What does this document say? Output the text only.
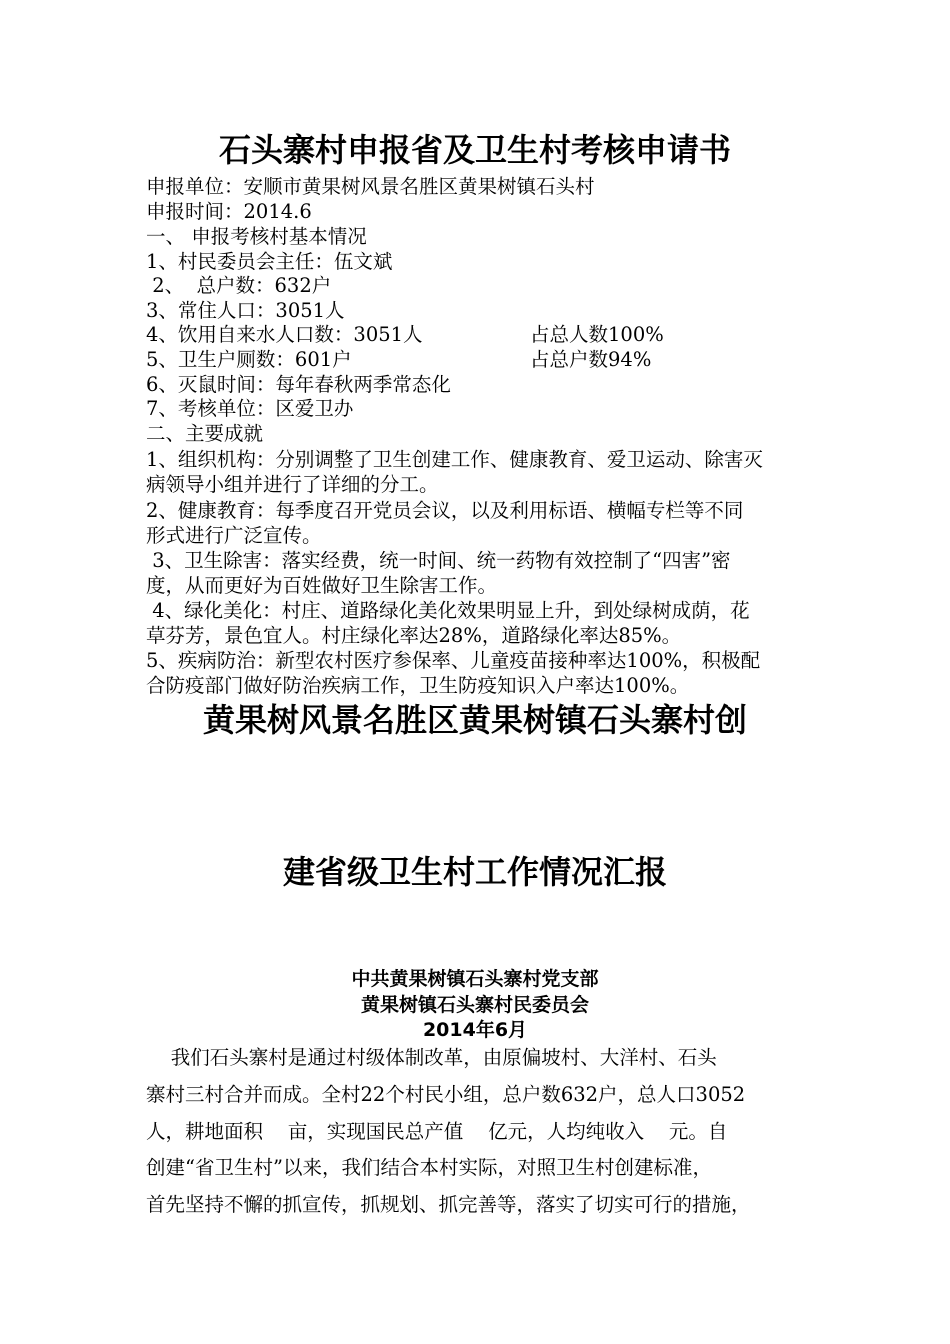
石头寨村申报省及卫生村考核申请书
申报单位：安顺市黄果树风景名胜区黄果树镇石头村
申报时间：2014.6
一、 申报考核村基本情况
1、村民委员会主任：伍文斌
2、  总户数：632户
3、常住人口：3051人
4、饮用自来水人口数：3051人	占总人数100%
5、卫生户厕数：601户	占总户数94%
6、灭鼠时间：每年春秋两季常态化
7、考核单位：区爱卫办
二、主要成就
1、组织机构：分别调整了卫生创建工作、健康教育、爱卫运动、除害灭
病领导小组并进行了详细的分工。
2、健康教育：每季度召开党员会议，以及利用标语、横幅专栏等不同
形式进行广泛宣传。
3、卫生除害：落实经费，统一时间、统一药物有效控制了“四害”密
度，从而更好为百姓做好卫生除害工作。
4、绿化美化：村庄、道路绿化美化效果明显上升，到处绿树成荫，花
草芬芳，景色宜人。村庄绿化率达28%，道路绿化率达85%。
5、疾病防治：新型农村医疗参保率、儿童疫苗接种率达100%，积极配
合防疫部门做好防治疾病工作，卫生防疫知识入户率达100%。
黄果树风景名胜区黄果树镇石头寨村创
建省级卫生村工作情况汇报
中共黄果树镇石头寨村党支部
黄果树镇石头寨村民委员会
2014年6月
我们石头寨村是通过村级体制改革，由原偏坡村、大洋村、石头
寨村三村合并而成。全村22个村民小组，总户数632户，总人口3052
人，耕地面积    亩，实现国民总产值    亿元，人均纯收入    元。自
创建“省卫生村”以来，我们结合本村实际，对照卫生村创建标准，
首先坚持不懈的抓宣传，抓规划、抓完善等，落实了切实可行的措施，
